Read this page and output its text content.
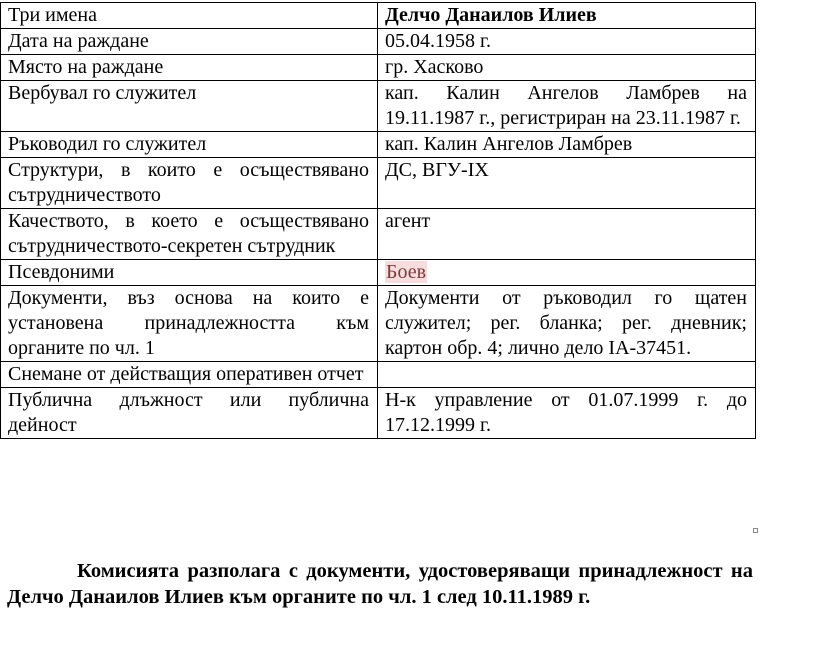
Три имена	Делчо Данаилов Илиев
Дата на раждане	05.04.1958 г.
Място на раждане	гр. Хасково
Вербувал го служител	кап. Калин Ангелов Ламбрев на 19.11.1987 г., регистриран на 23.11.1987 г.
Ръководил го служител	кап. Калин Ангелов Ламбрев
Структури, в които е осъществявано сътрудничеството	ДС, ВГУ-IХ
Качеството, в което е осъществявано сътрудничеството-секретен сътрудник	агент
Псевдоними	Боев
Документи, въз основа на които е установена принадлежността към органите по чл. 1	Документи от ръководил го щатен служител; рег. бланка; рег. дневник; картон обр. 4; лично дело IА-37451.
Снемане от действащия оперативен отчет	
Публична длъжност или публична дейност	Н-к управление от 01.07.1999 г. до 17.12.1999 г.

Комисията разполага с документи, удостоверяващи принадлежност на Делчо Данаилов Илиев към органите по чл. 1 след 10.11.1989 г.
